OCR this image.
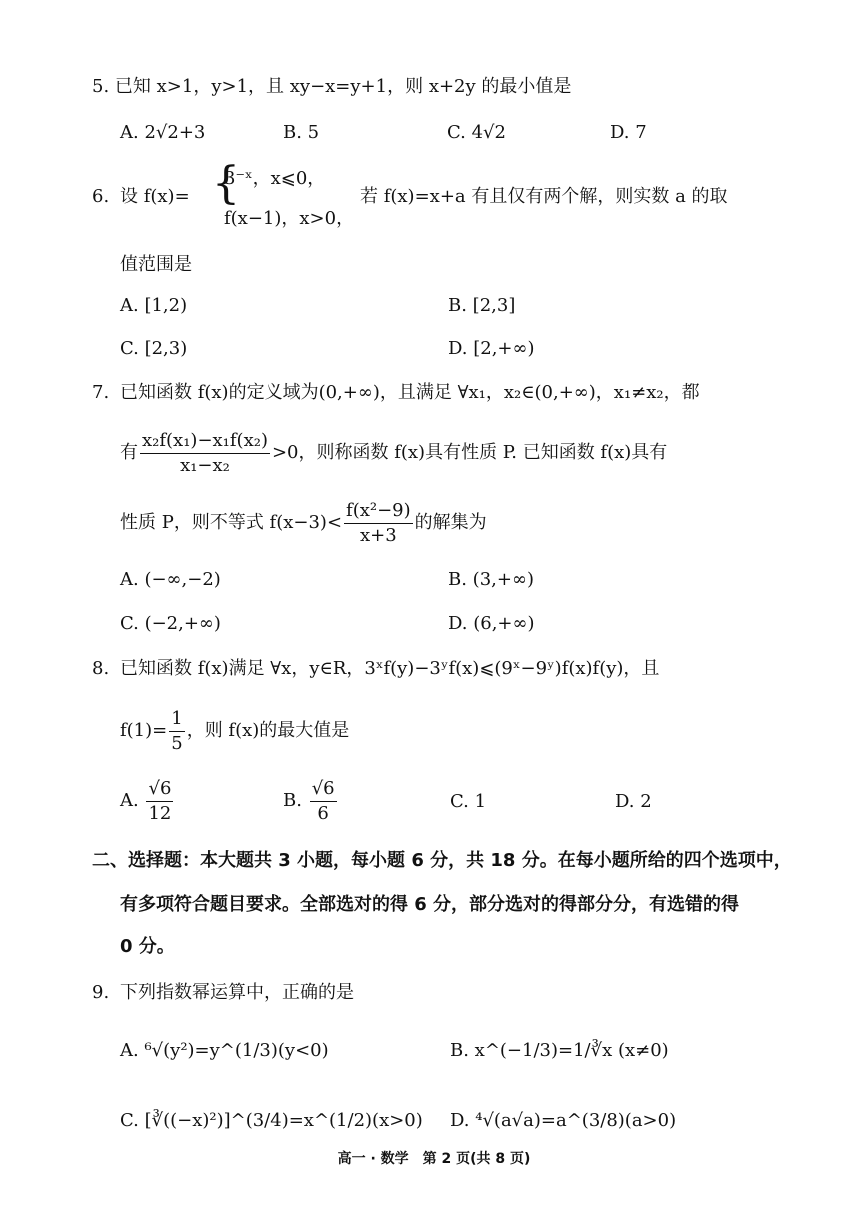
5. 已知 x>1，y>1，且 xy−x=y+1，则 x+2y 的最小值是
A. 2√2+3	B. 5	C. 4√2	D. 7
6. 设 f(x)= {
3⁻ˣ，x⩽0，
f(x−1)，x>0，
若 f(x)=x+a 有且仅有两个解，则实数 a 的取
值范围是
A. [1,2)	B. [2,3]
C. [2,3)	D. [2,+∞)
7. 已知函数 f(x)的定义域为(0,+∞)，且满足 ∀x₁，x₂∈(0,+∞)，x₁≠x₂，都
有 $\frac{\text{x₂f(x₁)−x₁f(x₂)}}{\text{x₁−x₂}} >0$，则称函数 f(x)具有性质 P. 已知函数 f(x)具有
性质 P，则不等式 $f(x-3)< \frac{\text{f(x²−9)}}{x+3}$ 的解集为
A. (−∞,−2)	B. (3,+∞)
C. (−2,+∞)	D. (6,+∞)
8. 已知函数 f(x)满足 ∀x，y∈R，3ˣf(y)−3ʸf(x)⩽(9ˣ−9ʸ)f(x)f(y)，且
$f(1)= \frac{1}{5}$ ，则 f(x)的最大值是
A. $\frac{√6}{12}$	B. $\frac{√6}{6}$	C. 1	D. 2
二、选择题：本大题共 3 小题，每小题 6 分，共 18 分。在每小题所给的四个选项中，
有多项符合题目要求。全部选对的得 6 分，部分选对的得部分分，有选错的得
0 分。
9. 下列指数幂运算中，正确的是
A. ⁶√(y²)=y^(1/3)(y<0)	B. x^(−1/3)=1/∛x (x≠0)
C. [∛((−x)²)]^(3/4)=x^(1/2)(x>0) D. ⁴√(a√a)=a^(3/8)(a>0)
高一 · 数学　第 2 页(共 8 页)
